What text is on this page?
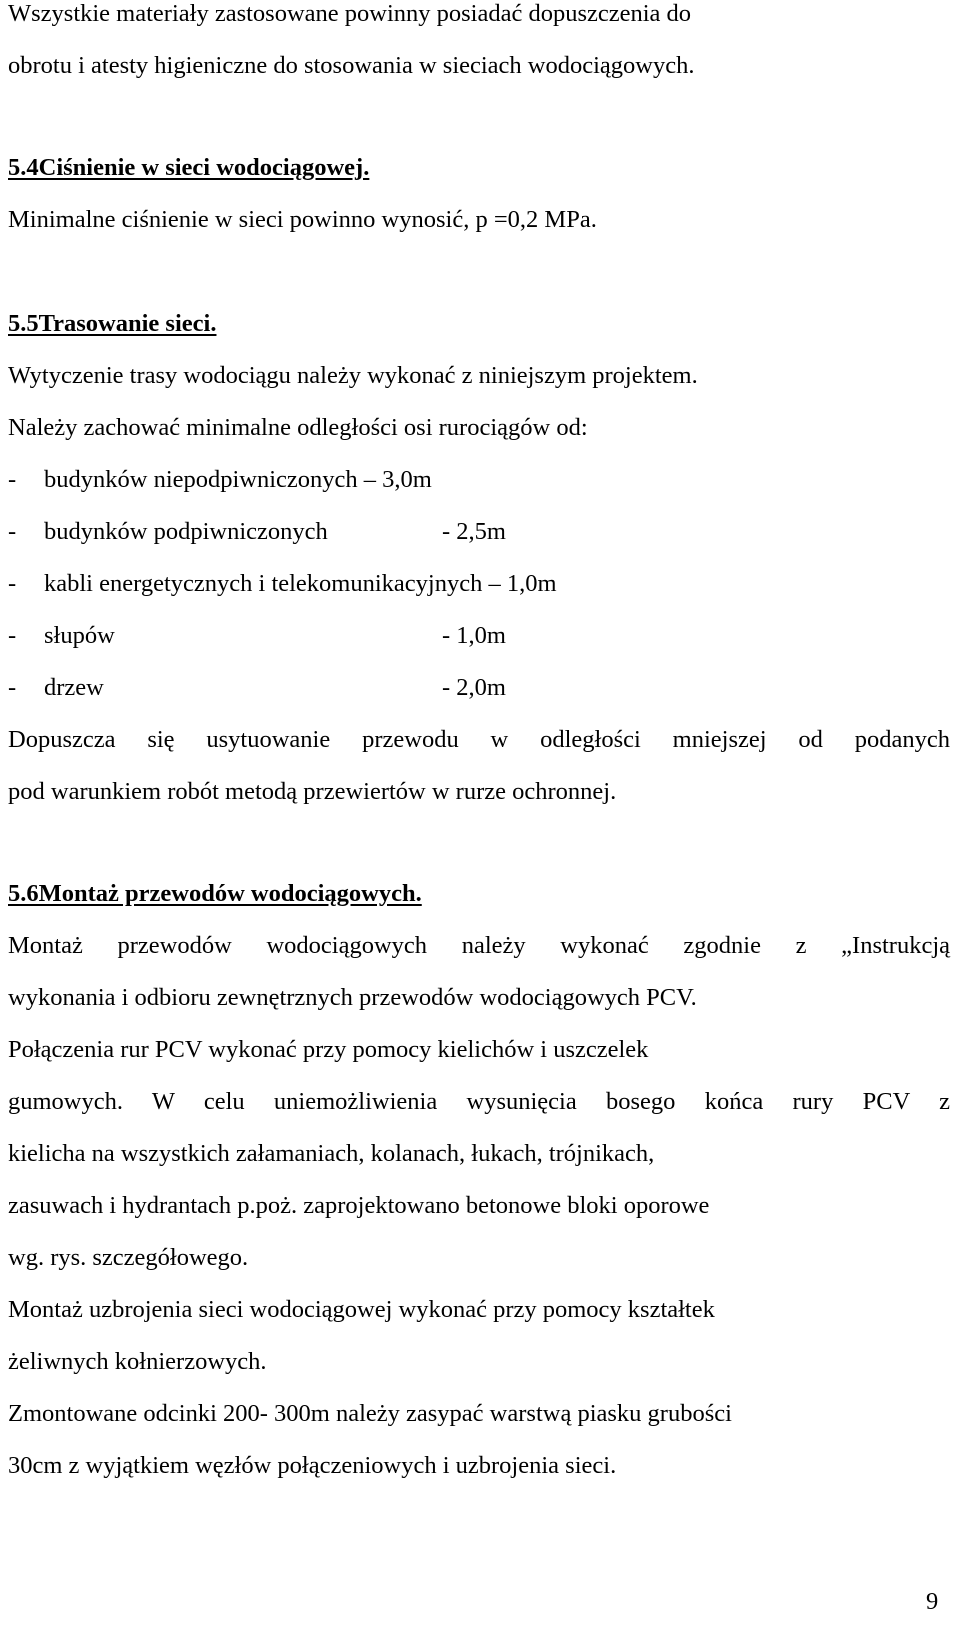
Wszystkie materiały zastosowane powinny posiadać dopuszczenia do
obrotu i atesty higieniczne do stosowania w sieciach wodociągowych.
5.4Ciśnienie w sieci wodociągowej.
Minimalne ciśnienie w sieci powinno wynosić, p =0,2 MPa.
5.5Trasowanie sieci.
Wytyczenie trasy wodociągu należy wykonać z niniejszym projektem.
Należy zachować minimalne odległości osi rurociągów od:
- budynków niepodpiwniczonych – 3,0m
- budynków podpiwniczonych	- 2,5m
- kabli energetycznych i telekomunikacyjnych – 1,0m
- słupów	- 1,0m
- drzew	- 2,0m
Dopuszcza się usytuowanie przewodu w odległości mniejszej od podanych
pod warunkiem robót metodą przewiertów w rurze ochronnej.
5.6Montaż przewodów wodociągowych.
Montaż przewodów wodociągowych należy wykonać zgodnie z „Instrukcją
wykonania i odbioru zewnętrznych przewodów wodociągowych PCV.
Połączenia rur PCV wykonać przy pomocy kielichów i uszczelek
gumowych. W celu uniemożliwienia wysunięcia bosego końca rury PCV z
kielicha na wszystkich załamaniach, kolanach, łukach, trójnikach,
zasuwach i hydrantach p.poż. zaprojektowano betonowe bloki oporowe
wg. rys. szczegółowego.
Montaż uzbrojenia sieci wodociągowej wykonać przy pomocy kształtek
żeliwnych kołnierzowych.
Zmontowane odcinki 200- 300m należy zasypać warstwą piasku grubości
30cm z wyjątkiem węzłów połączeniowych i uzbrojenia sieci.
9
